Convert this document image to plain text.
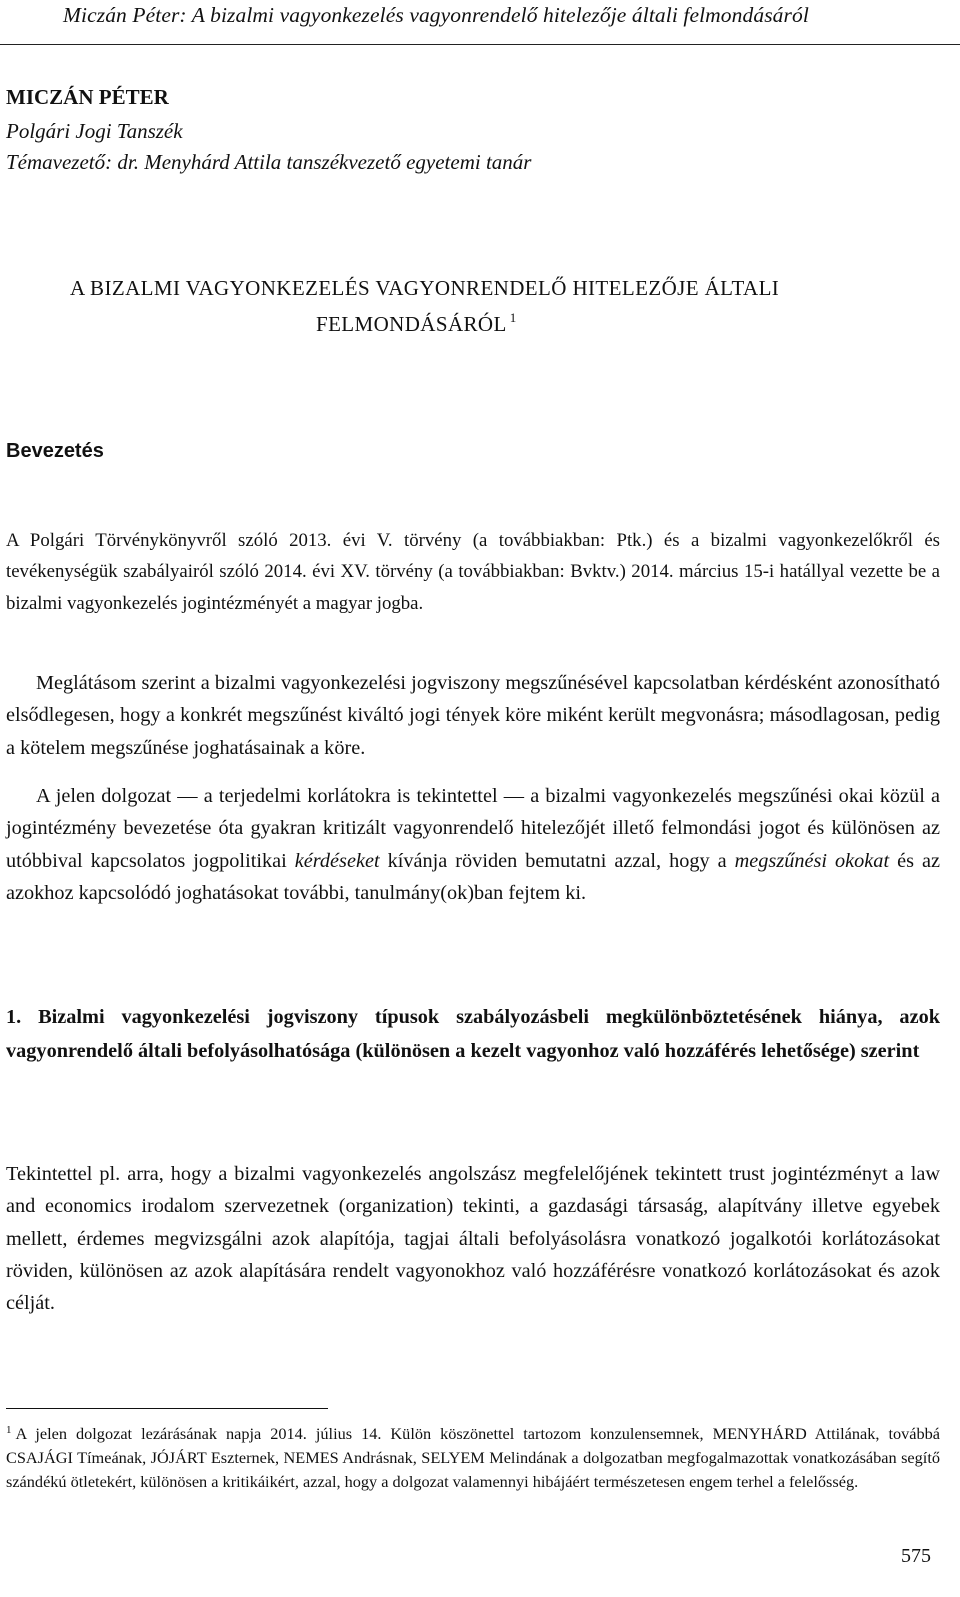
Miczán Péter: A bizalmi vagyonkezelés vagyonrendelő hitelezője általi felmondásáról
MICZÁN PÉTER
Polgári Jogi Tanszék
Témavezető: dr. Menyhárd Attila tanszékvezető egyetemi tanár
A BIZALMI VAGYONKEZELÉS VAGYONRENDELŐ HITELEZŐJE ÁLTALI
FELMONDÁSÁRÓL $^1$
Bevezetés
A Polgári Törvénykönyvről szóló 2013. évi V. törvény (a továbbiakban: Ptk.) és a bizalmi vagyonkezelőkről és tevékenységük szabályairól szóló 2014. évi XV. törvény (a továbbiakban: Bvktv.) 2014. március 15-i hatállyal vezette be a bizalmi vagyonkezelés jogintézményét a magyar jogba.
Meglátásom szerint a bizalmi vagyonkezelési jogviszony megszűnésével kapcsolatban kérdésként azonosítható elsődlegesen, hogy a konkrét megszűnést kiváltó jogi tények köre miként került megvonásra; másodlagosan, pedig a kötelem megszűnése joghatásainak a köre.
A jelen dolgozat — a terjedelmi korlátokra is tekintettel — a bizalmi vagyonkezelés megszűnési okai közül a jogintézmény bevezetése óta gyakran kritizált vagyonrendelő hitelezőjét illető felmondási jogot és különösen az utóbbival kapcsolatos jogpolitikai kérdéseket kívánja röviden bemutatni azzal, hogy a megszűnési okokat és az azokhoz kapcsolódó joghatásokat további, tanulmány(ok)ban fejtem ki.
1. Bizalmi vagyonkezelési jogviszony típusok szabályozásbeli megkülönböztetésének hiánya, azok vagyonrendelő általi befolyásolhatósága (különösen a kezelt vagyonhoz való hozzáférés lehetősége) szerint
Tekintettel pl. arra, hogy a bizalmi vagyonkezelés angolszász megfelelőjének tekintett trust jogintézményt a law and economics irodalom szervezetnek (organization) tekinti, a gazdasági társaság, alapítvány illetve egyebek mellett, érdemes megvizsgálni azok alapítója, tagjai általi befolyásolásra vonatkozó jogalkotói korlátozásokat röviden, különösen az azok alapítására rendelt vagyonokhoz való hozzáférésre vonatkozó korlátozásokat és azok célját.
$^1$ A jelen dolgozat lezárásának napja 2014. július 14. Külön köszönettel tartozom konzulensemnek, MENYHÁRD Attilának, továbbá CSAJÁGI Tímeának, JÓJÁRT Eszternek, NEMES Andrásnak, SELYEM Melindának a dolgozatban megfogalmazottak vonatkozásában segítő szándékú ötletekért, különösen a kritikáikért, azzal, hogy a dolgozat valamennyi hibájáért természetesen engem terhel a felelősség.
575
